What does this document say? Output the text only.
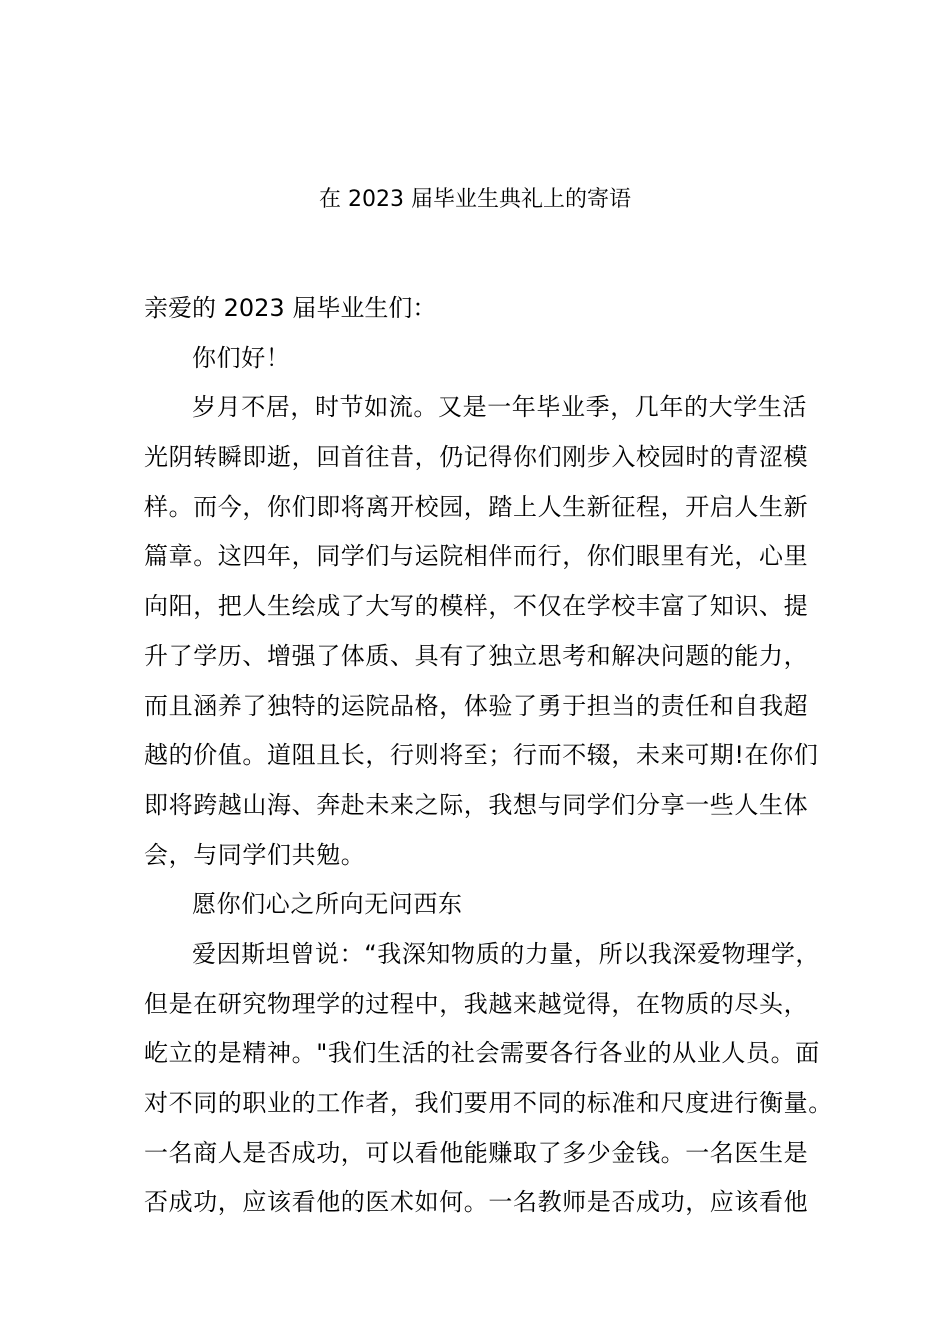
在 2023 届毕业生典礼上的寄语
亲爱的 2023 届毕业生们：
你们好！
岁月不居，时节如流。又是一年毕业季，几年的大学生活
光阴转瞬即逝，回首往昔，仍记得你们刚步入校园时的青涩模
样。而今，你们即将离开校园，踏上人生新征程，开启人生新
篇章。这四年，同学们与运院相伴而行，你们眼里有光，心里
向阳，把人生绘成了大写的模样，不仅在学校丰富了知识、提
升了学历、增强了体质、具有了独立思考和解决问题的能力，
而且涵养了独特的运院品格，体验了勇于担当的责任和自我超
越的价值。道阻且长，行则将至；行而不辍，未来可期!在你们
即将跨越山海、奔赴未来之际，我想与同学们分享一些人生体
会，与同学们共勉。
愿你们心之所向无问西东
爱因斯坦曾说：“我深知物质的力量，所以我深爱物理学，
但是在研究物理学的过程中，我越来越觉得，在物质的尽头，
屹立的是精神。"我们生活的社会需要各行各业的从业人员。面
对不同的职业的工作者，我们要用不同的标准和尺度进行衡量。
一名商人是否成功，可以看他能赚取了多少金钱。一名医生是
否成功，应该看他的医术如何。一名教师是否成功，应该看他
